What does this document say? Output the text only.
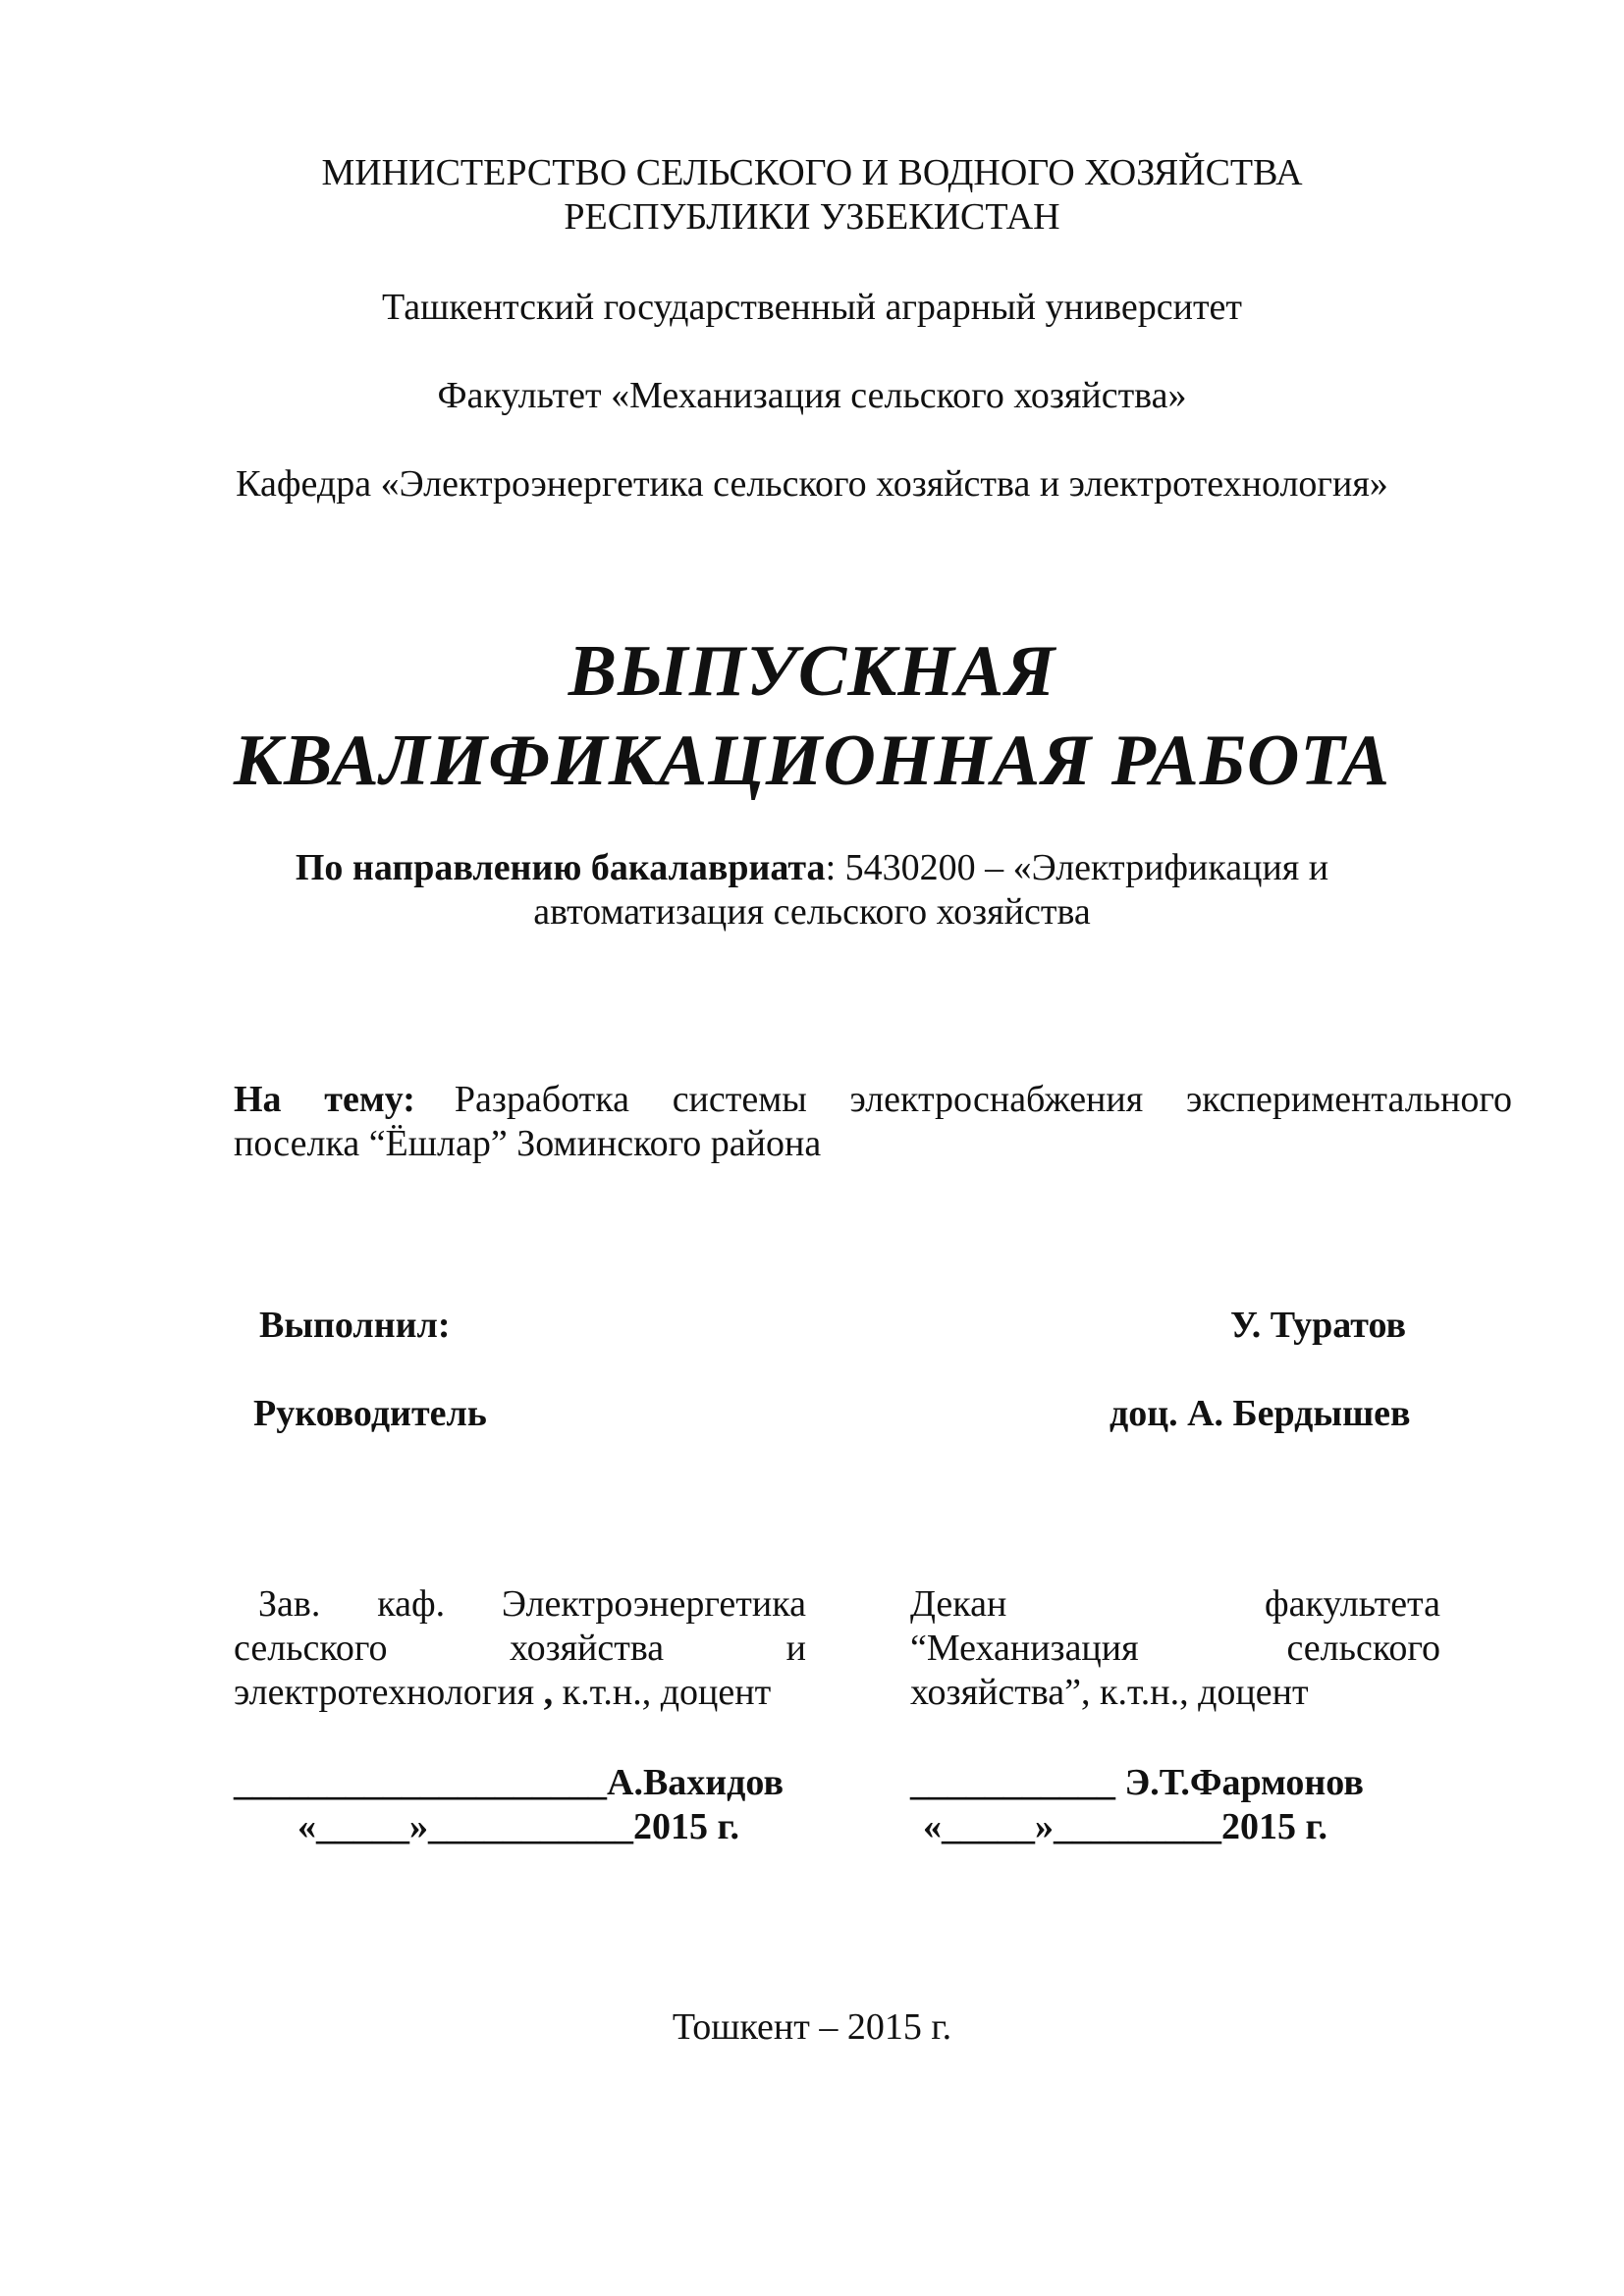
МИНИСТЕРСТВО СЕЛЬСКОГО И ВОДНОГО ХОЗЯЙСТВА
РЕСПУБЛИКИ УЗБЕКИСТАН
Ташкентский государственный аграрный университет
Факультет «Механизация сельского хозяйства»
Кафедра «Электроэнергетика сельского хозяйства и электротехнология»
ВЫПУСКНАЯ
КВАЛИФИКАЦИОННАЯ РАБОТА
По направлению бакалавриата: 5430200 – «Электрификация и
автоматизация сельского хозяйства
На тему: Разработка системы электроснабжения экспериментального
поселка “Ёшлар” Зоминского района
Выполнил:	У. Туратов
Руководитель	доц. А. Бердышев
Зав. каф. Электроэнергетика
сельского хозяйства и
электротехнология , к.т.н., доцент
Декан факультета
“Механизация сельского
хозяйства”, к.т.н., доцент
____________________А.Вахидов
«_____»___________2015 г.
___________ Э.Т.Фармонов
«_____»_________2015 г.
Тошкент – 2015 г.
